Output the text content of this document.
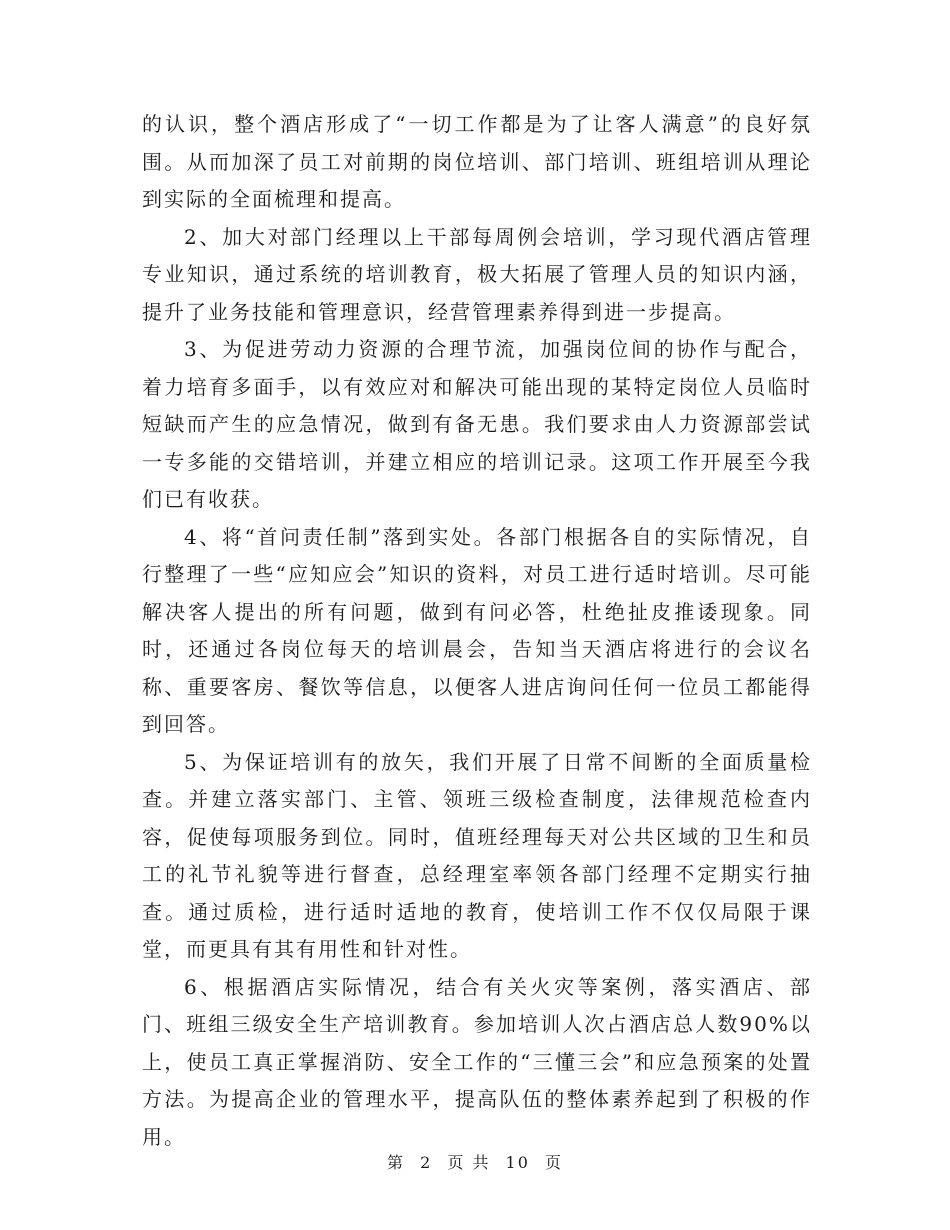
的认识，整个酒店形成了“一切工作都是为了让客人满意”的良好氛围。从而加深了员工对前期的岗位培训、部门培训、班组培训从理论到实际的全面梳理和提高。

2、加大对部门经理以上干部每周例会培训，学习现代酒店管理专业知识，通过系统的培训教育，极大拓展了管理人员的知识内涵，提升了业务技能和管理意识，经营管理素养得到进一步提高。

3、为促进劳动力资源的合理节流，加强岗位间的协作与配合，着力培育多面手，以有效应对和解决可能出现的某特定岗位人员临时短缺而产生的应急情况，做到有备无患。我们要求由人力资源部尝试一专多能的交错培训，并建立相应的培训记录。这项工作开展至今我们已有收获。

4、将“首问责任制”落到实处。各部门根据各自的实际情况，自行整理了一些“应知应会”知识的资料，对员工进行适时培训。尽可能解决客人提出的所有问题，做到有问必答，杜绝扯皮推诿现象。同时，还通过各岗位每天的培训晨会，告知当天酒店将进行的会议名称、重要客房、餐饮等信息，以便客人进店询问任何一位员工都能得到回答。

5、为保证培训有的放矢，我们开展了日常不间断的全面质量检查。并建立落实部门、主管、领班三级检查制度，法律规范检查内容，促使每项服务到位。同时，值班经理每天对公共区域的卫生和员工的礼节礼貌等进行督查，总经理室率领各部门经理不定期实行抽查。通过质检，进行适时适地的教育，使培训工作不仅仅局限于课堂，而更具有其有用性和针对性。

6、根据酒店实际情况，结合有关火灾等案例，落实酒店、部门、班组三级安全生产培训教育。参加培训人次占酒店总人数90%以上，使员工真正掌握消防、安全工作的“三懂三会”和应急预案的处置方法。为提高企业的管理水平，提高队伍的整体素养起到了积极的作用。

第 2 页 共 10 页
